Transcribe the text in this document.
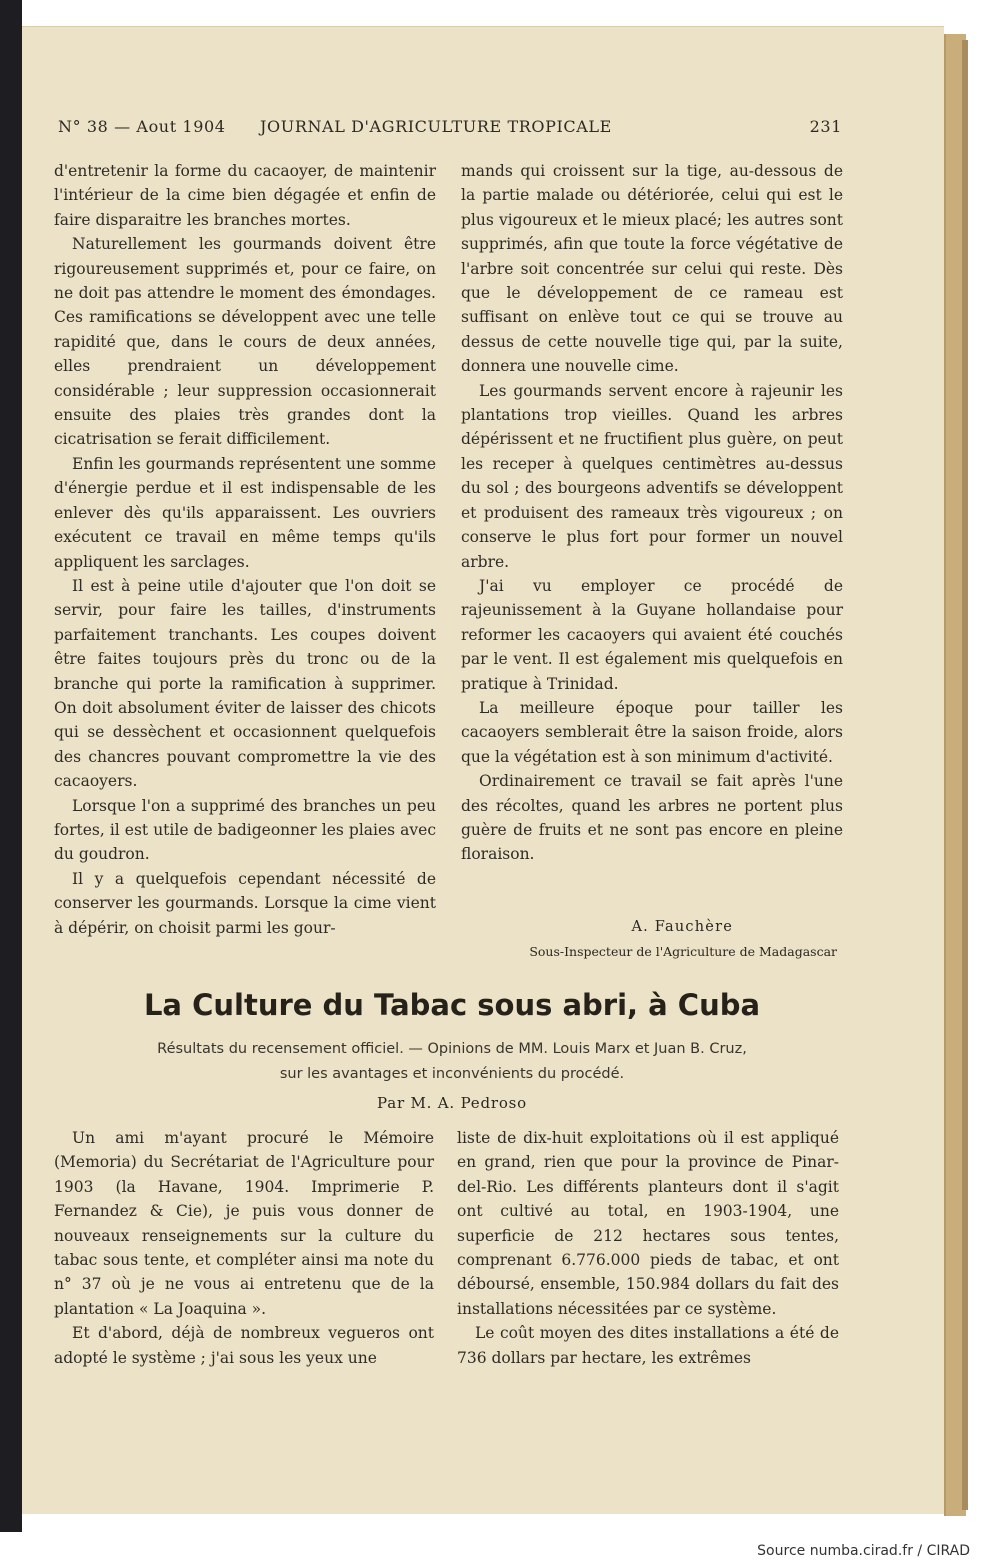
N° 38 — Aout 1904 JOURNAL D'AGRICULTURE TROPICALE	231

d'entretenir la forme du cacaoyer, de maintenir l'intérieur de la cime bien dégagée et enfin de faire disparaitre les branches mortes.

Naturellement les gourmands doivent être rigoureusement supprimés et, pour ce faire, on ne doit pas attendre le moment des émondages. Ces ramifications se développent avec une telle rapidité que, dans le cours de deux années, elles prendraient un développement considérable ; leur suppression occasionnerait ensuite des plaies très grandes dont la cicatrisation se ferait difficilement.

Enfin les gourmands représentent une somme d'énergie perdue et il est indispensable de les enlever dès qu'ils apparaissent. Les ouvriers exécutent ce travail en même temps qu'ils appliquent les sarclages.

Il est à peine utile d'ajouter que l'on doit se servir, pour faire les tailles, d'instruments parfaitement tranchants. Les coupes doivent être faites toujours près du tronc ou de la branche qui porte la ramification à supprimer. On doit absolument éviter de laisser des chicots qui se dessèchent et occasionnent quelquefois des chancres pouvant compromettre la vie des cacaoyers.

Lorsque l'on a supprimé des branches un peu fortes, il est utile de badigeonner les plaies avec du goudron.

Il y a quelquefois cependant nécessité de conserver les gourmands. Lorsque la cime vient à dépérir, on choisit parmi les gour-

mands qui croissent sur la tige, au-dessous de la partie malade ou détériorée, celui qui est le plus vigoureux et le mieux placé; les autres sont supprimés, afin que toute la force végétative de l'arbre soit concentrée sur celui qui reste. Dès que le développement de ce rameau est suffisant on enlève tout ce qui se trouve au dessus de cette nouvelle tige qui, par la suite, donnera une nouvelle cime.

Les gourmands servent encore à rajeunir les plantations trop vieilles. Quand les arbres dépérissent et ne fructifient plus guère, on peut les receper à quelques centimètres au-dessus du sol ; des bourgeons adventifs se développent et produisent des rameaux très vigoureux ; on conserve le plus fort pour former un nouvel arbre.

J'ai vu employer ce procédé de rajeunissement à la Guyane hollandaise pour reformer les cacaoyers qui avaient été couchés par le vent. Il est également mis quelquefois en pratique à Trinidad.

La meilleure époque pour tailler les cacaoyers semblerait être la saison froide, alors que la végétation est à son minimum d'activité.

Ordinairement ce travail se fait après l'une des récoltes, quand les arbres ne portent plus guère de fruits et ne sont pas encore en pleine floraison.

A. Fauchère
Sous-Inspecteur de l'Agriculture de Madagascar
La Culture du Tabac sous abri, à Cuba
Résultats du recensement officiel. — Opinions de MM. Louis Marx et Juan B. Cruz,
sur les avantages et inconvénients du procédé.
Par M. A. Pedroso

Un ami m'ayant procuré le Mémoire (Memoria) du Secrétariat de l'Agriculture pour 1903 (la Havane, 1904. Imprimerie P. Fernandez & Cie), je puis vous donner de nouveaux renseignements sur la culture du tabac sous tente, et compléter ainsi ma note du n° 37 où je ne vous ai entretenu que de la plantation « La Joaquina ».

Et d'abord, déjà de nombreux vegueros ont adopté le système ; j'ai sous les yeux une

liste de dix-huit exploitations où il est appliqué en grand, rien que pour la province de Pinar-del-Rio. Les différents planteurs dont il s'agit ont cultivé au total, en 1903-1904, une superficie de 212 hectares sous tentes, comprenant 6.776.000 pieds de tabac, et ont déboursé, ensemble, 150.984 dollars du fait des installations nécessitées par ce système.

Le coût moyen des dites installations a été de 736 dollars par hectare, les extrêmes

Source numba.cirad.fr / CIRAD
